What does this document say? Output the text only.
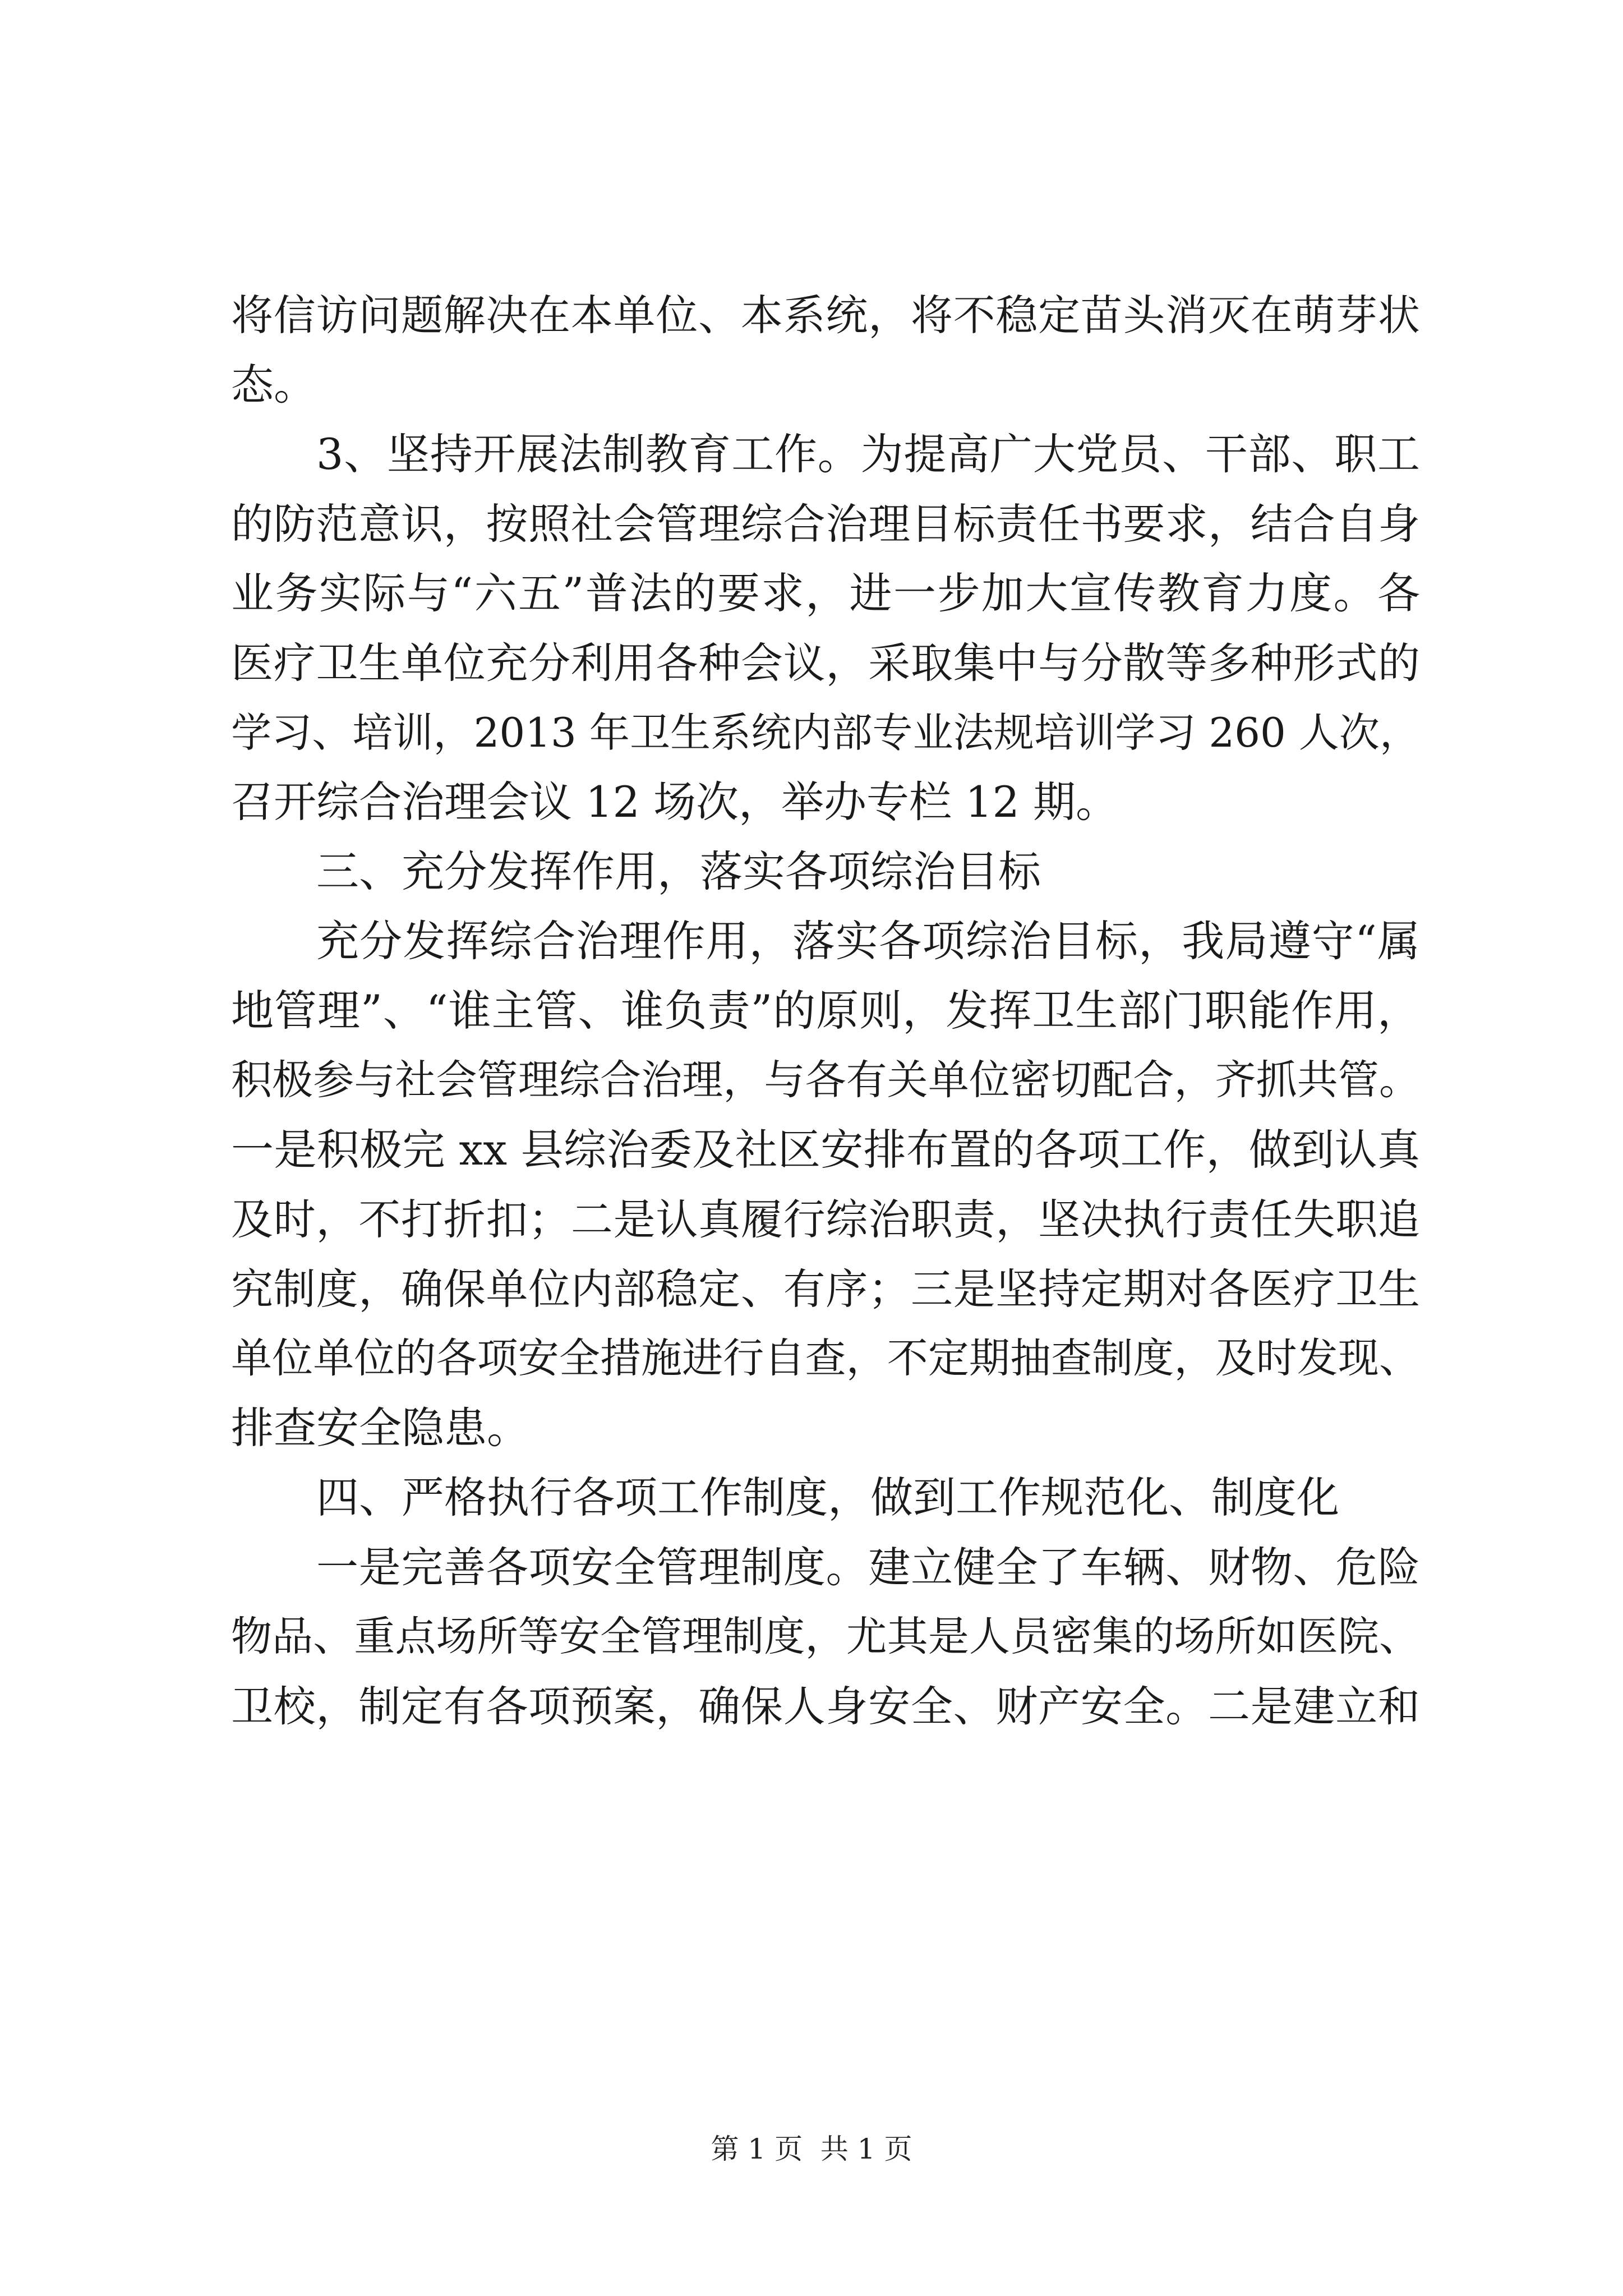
将信访问题解决在本单位、本系统，将不稳定苗头消灭在萌芽状
态。
3、坚持开展法制教育工作。为提高广大党员、干部、职工
的防范意识，按照社会管理综合治理目标责任书要求，结合自身
业务实际与“六五”普法的要求，进一步加大宣传教育力度。各
医疗卫生单位充分利用各种会议，采取集中与分散等多种形式的
学习、培训，2013 年卫生系统内部专业法规培训学习 260 人次，
召开综合治理会议 12 场次，举办专栏 12 期。
三、充分发挥作用，落实各项综治目标
充分发挥综合治理作用，落实各项综治目标，我局遵守“属
地管理”、“谁主管、谁负责”的原则，发挥卫生部门职能作用，
积极参与社会管理综合治理，与各有关单位密切配合，齐抓共管。
一是积极完 xx 县综治委及社区安排布置的各项工作，做到认真
及时，不打折扣；二是认真履行综治职责，坚决执行责任失职追
究制度，确保单位内部稳定、有序；三是坚持定期对各医疗卫生
单位单位的各项安全措施进行自查，不定期抽查制度，及时发现、
排查安全隐患。
四、严格执行各项工作制度，做到工作规范化、制度化
一是完善各项安全管理制度。建立健全了车辆、财物、危险
物品、重点场所等安全管理制度，尤其是人员密集的场所如医院、
卫校，制定有各项预案，确保人身安全、财产安全。二是建立和
第 1 页  共 1 页
